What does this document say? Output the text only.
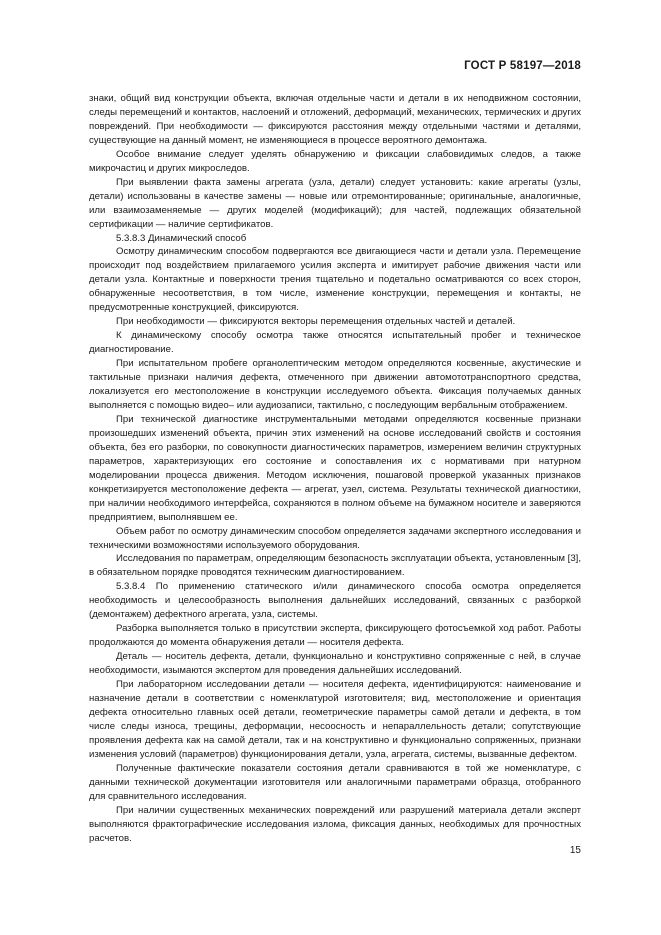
ГОСТ Р 58197—2018

знаки, общий вид конструкции объекта, включая отдельные части и детали в их неподвижном состоянии, следы перемещений и контактов, наслоений и отложений, деформаций, механических, термических и других повреждений. При необходимости — фиксируются расстояния между отдельными частями и деталями, существующие на данный момент, не изменяющиеся в процессе вероятного демонтажа.

Особое внимание следует уделять обнаружению и фиксации слабовидимых следов, а также микрочастиц и других микроследов.

При выявлении факта замены агрегата (узла, детали) следует установить: какие агрегаты (узлы, детали) использованы в качестве замены — новые или отремонтированные; оригинальные, аналогичные, или взаимозаменяемые — других моделей (модификаций); для частей, подлежащих обязательной сертификации — наличие сертификатов.

5.3.8.3 Динамический способ

Осмотру динамическим способом подвергаются все двигающиеся части и детали узла. Перемещение происходит под воздействием прилагаемого усилия эксперта и имитирует рабочие движения части или детали узла. Контактные и поверхности трения тщательно и подетально осматриваются со всех сторон, обнаруженные несоответствия, в том числе, изменение конструкции, перемещения и контакты, не предусмотренные конструкцией, фиксируются.

При необходимости — фиксируются векторы перемещения отдельных частей и деталей.

К динамическому способу осмотра также относятся испытательный пробег и техническое диагностирование.

При испытательном пробеге органолептическим методом определяются косвенные, акустические и тактильные признаки наличия дефекта, отмеченного при движении автомототранспортного средства, локализуется его местоположение в конструкции исследуемого объекта. Фиксация получаемых данных выполняется с помощью видео– или аудиозаписи, тактильно, с последующим вербальным отображением.

При технической диагностике инструментальными методами определяются косвенные признаки произошедших изменений объекта, причин этих изменений на основе исследований свойств и состояния объекта, без его разборки, по совокупности диагностических параметров, измерением величин структурных параметров, характеризующих его состояние и сопоставления их с нормативами при натурном моделировании процесса движения. Методом исключения, пошаговой проверкой указанных признаков конкретизируется местоположение дефекта — агрегат, узел, система. Результаты технической диагностики, при наличии необходимого интерфейса, сохраняются в полном объеме на бумажном носителе и заверяются предприятием, выполнявшем ее.

Объем работ по осмотру динамическим способом определяется задачами экспертного исследования и техническими возможностями используемого оборудования.

Исследования по параметрам, определяющим безопасность эксплуатации объекта, установленным [3], в обязательном порядке проводятся техническим диагностированием.

5.3.8.4 По применению статического и/или динамического способа осмотра определяется необходимость и целесообразность выполнения дальнейших исследований, связанных с разборкой (демонтажем) дефектного агрегата, узла, системы.

Разборка выполняется только в присутствии эксперта, фиксирующего фотосъемкой ход работ. Работы продолжаются до момента обнаружения детали — носителя дефекта.

Деталь — носитель дефекта, детали, функционально и конструктивно сопряженные с ней, в случае необходимости, изымаются экспертом для проведения дальнейших исследований.

При лабораторном исследовании детали — носителя дефекта, идентифицируются: наименование и назначение детали в соответствии с номенклатурой изготовителя; вид, местоположение и ориентация дефекта относительно главных осей детали, геометрические параметры самой детали и дефекта, в том числе следы износа, трещины, деформации, несоосность и непараллельность детали; сопутствующие проявления дефекта как на самой детали, так и на конструктивно и функционально сопряженных, признаки изменения условий (параметров) функционирования детали, узла, агрегата, системы, вызванные дефектом.

Полученные фактические показатели состояния детали сравниваются в той же номенклатуре, с данными технической документации изготовителя или аналогичными параметрами образца, отобранного для сравнительного исследования.

При наличии существенных механических повреждений или разрушений материала детали эксперт выполняются фрактографические исследования излома, фиксация данных, необходимых для прочностных расчетов.

15
